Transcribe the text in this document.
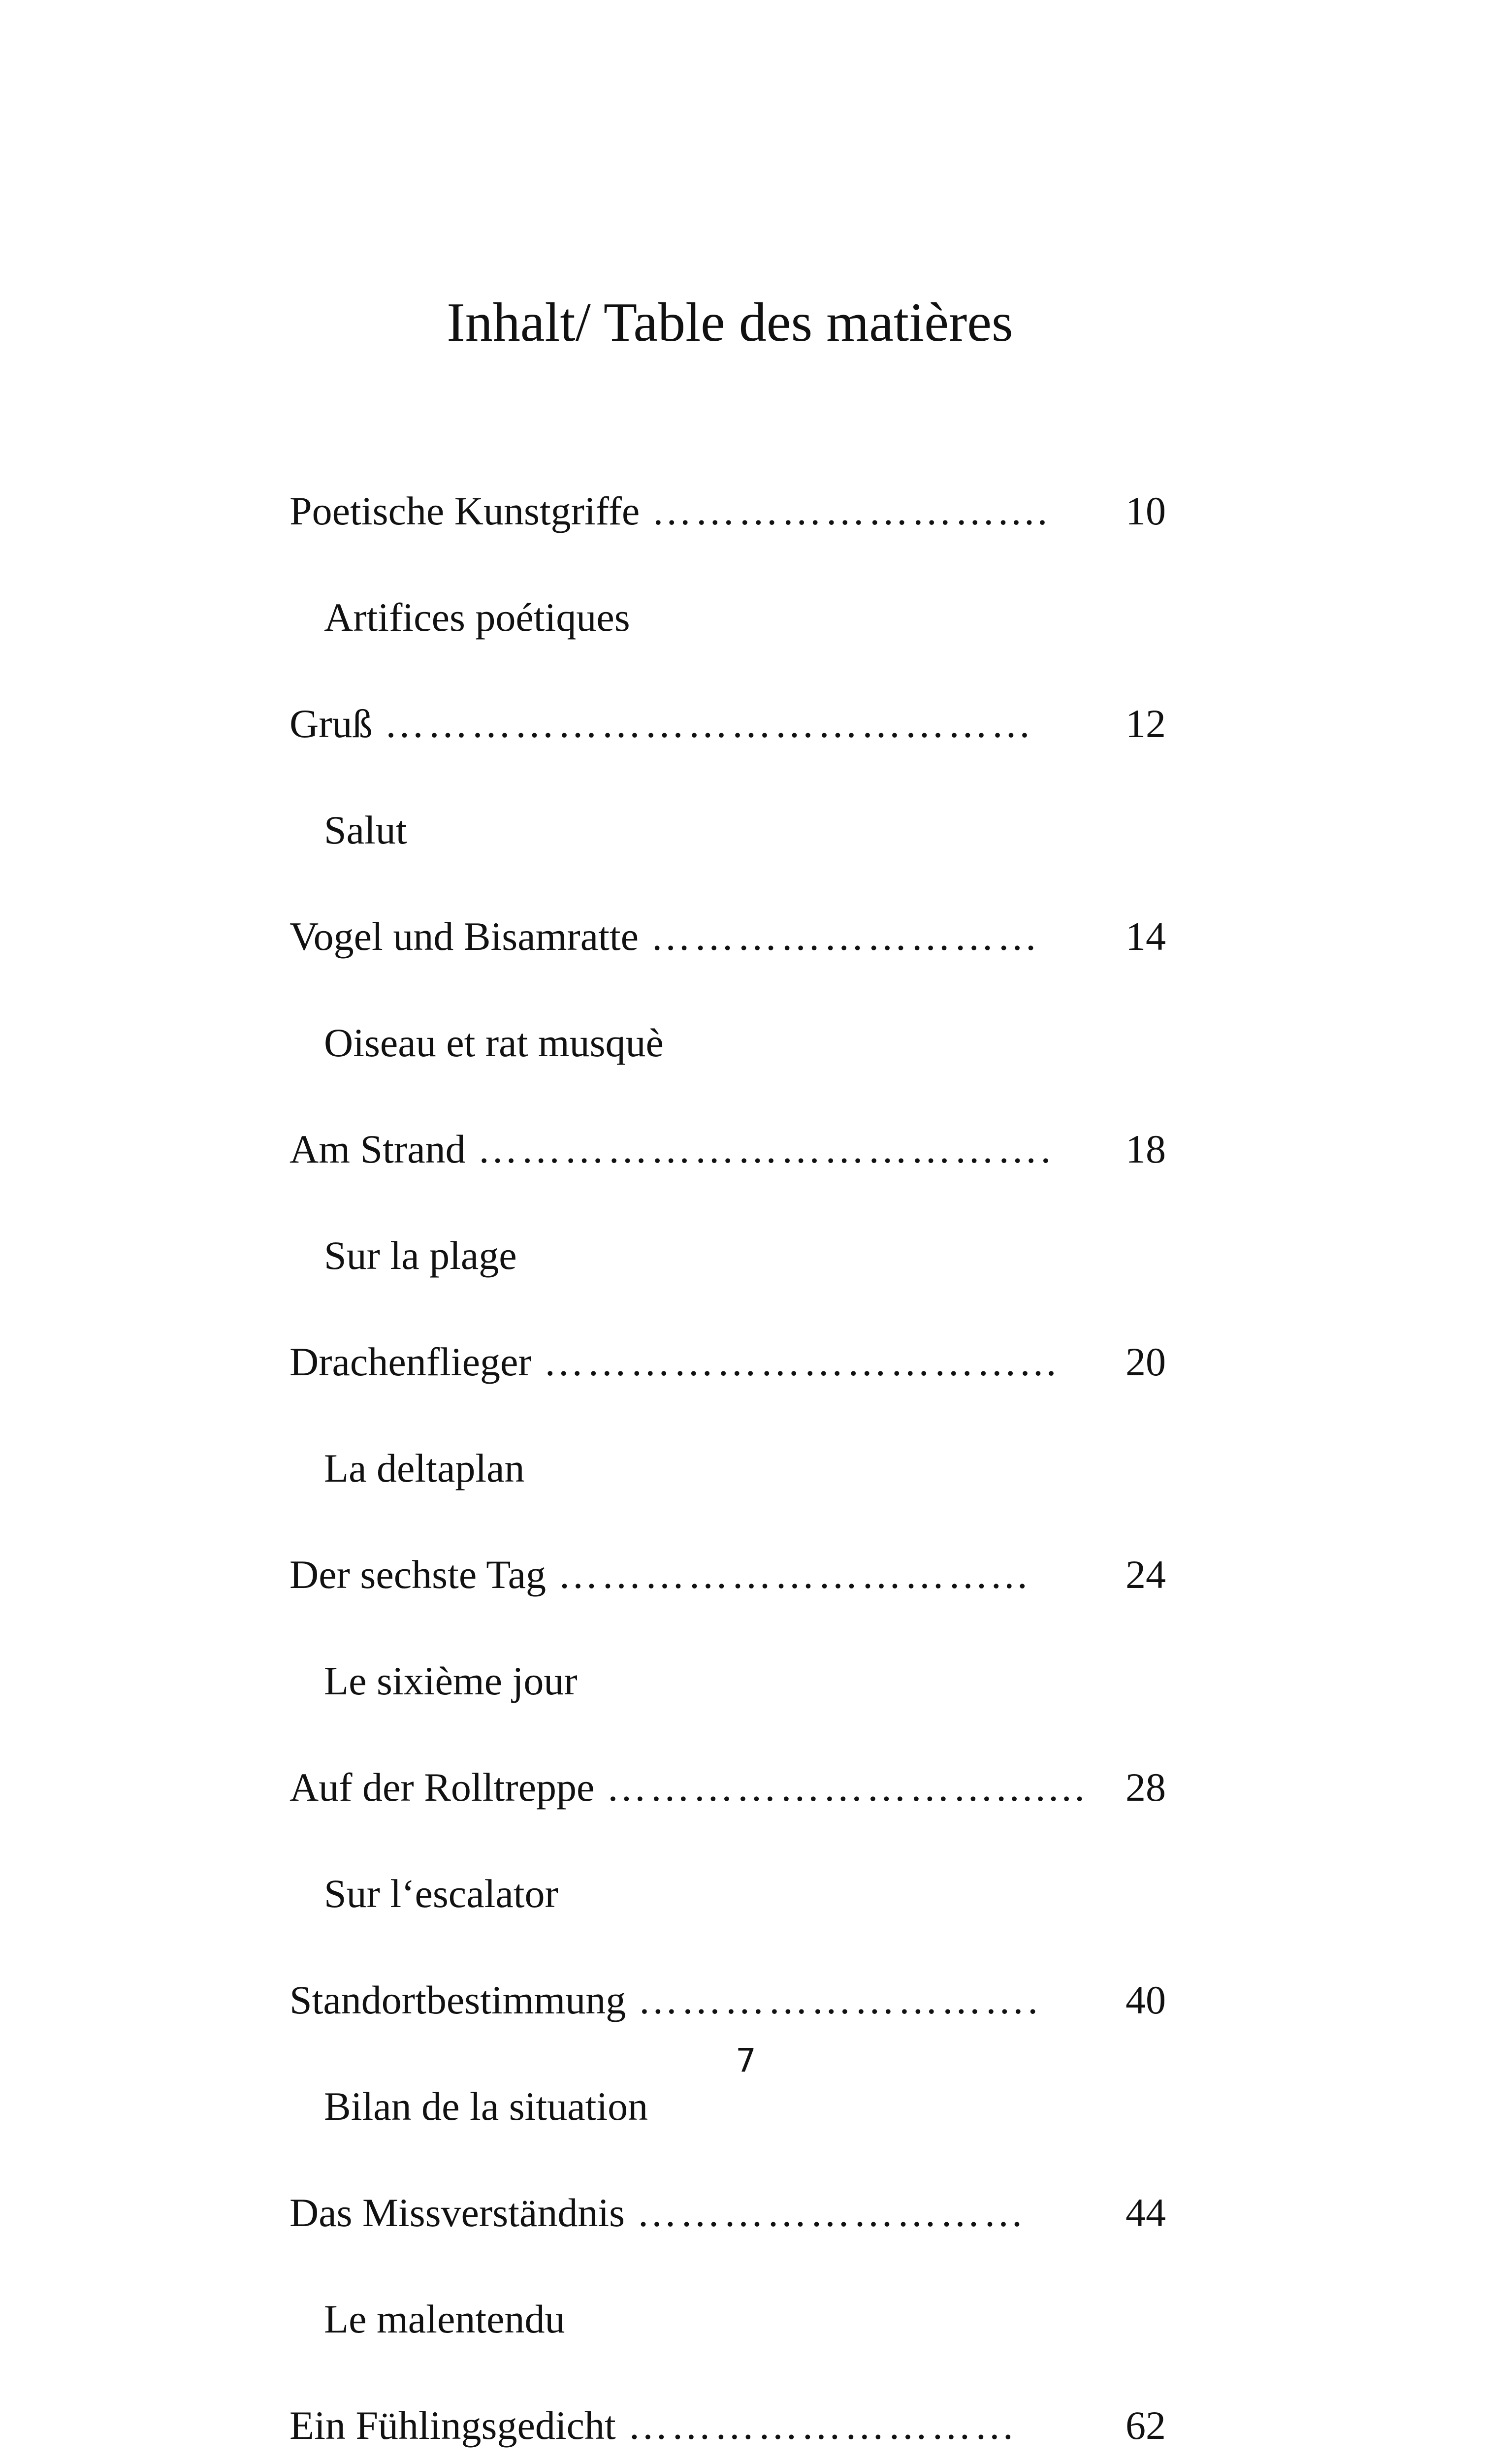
Inhalt/ Table des matières
Poetische Kunstgriffe ……………………....	10
Artifices poétiques
Gruß ………………………………………	12
Salut
Vogel und Bisamratte ………………………	14
Oiseau et rat musquè
Am Strand ………………………………….	18
Sur la plage
Drachenflieger ……………………………...	20
La deltaplan
Der sechste Tag …………………………...	24
Le sixième jour
Auf der Rolltreppe ………………………....... 28
Sur l‘escalator
Standortbestimmung ……………………….	40
Bilan de la situation
Das Missverständnis ………………………	44
Le malentendu
Ein Fühlingsgedicht ………………………	62
7
